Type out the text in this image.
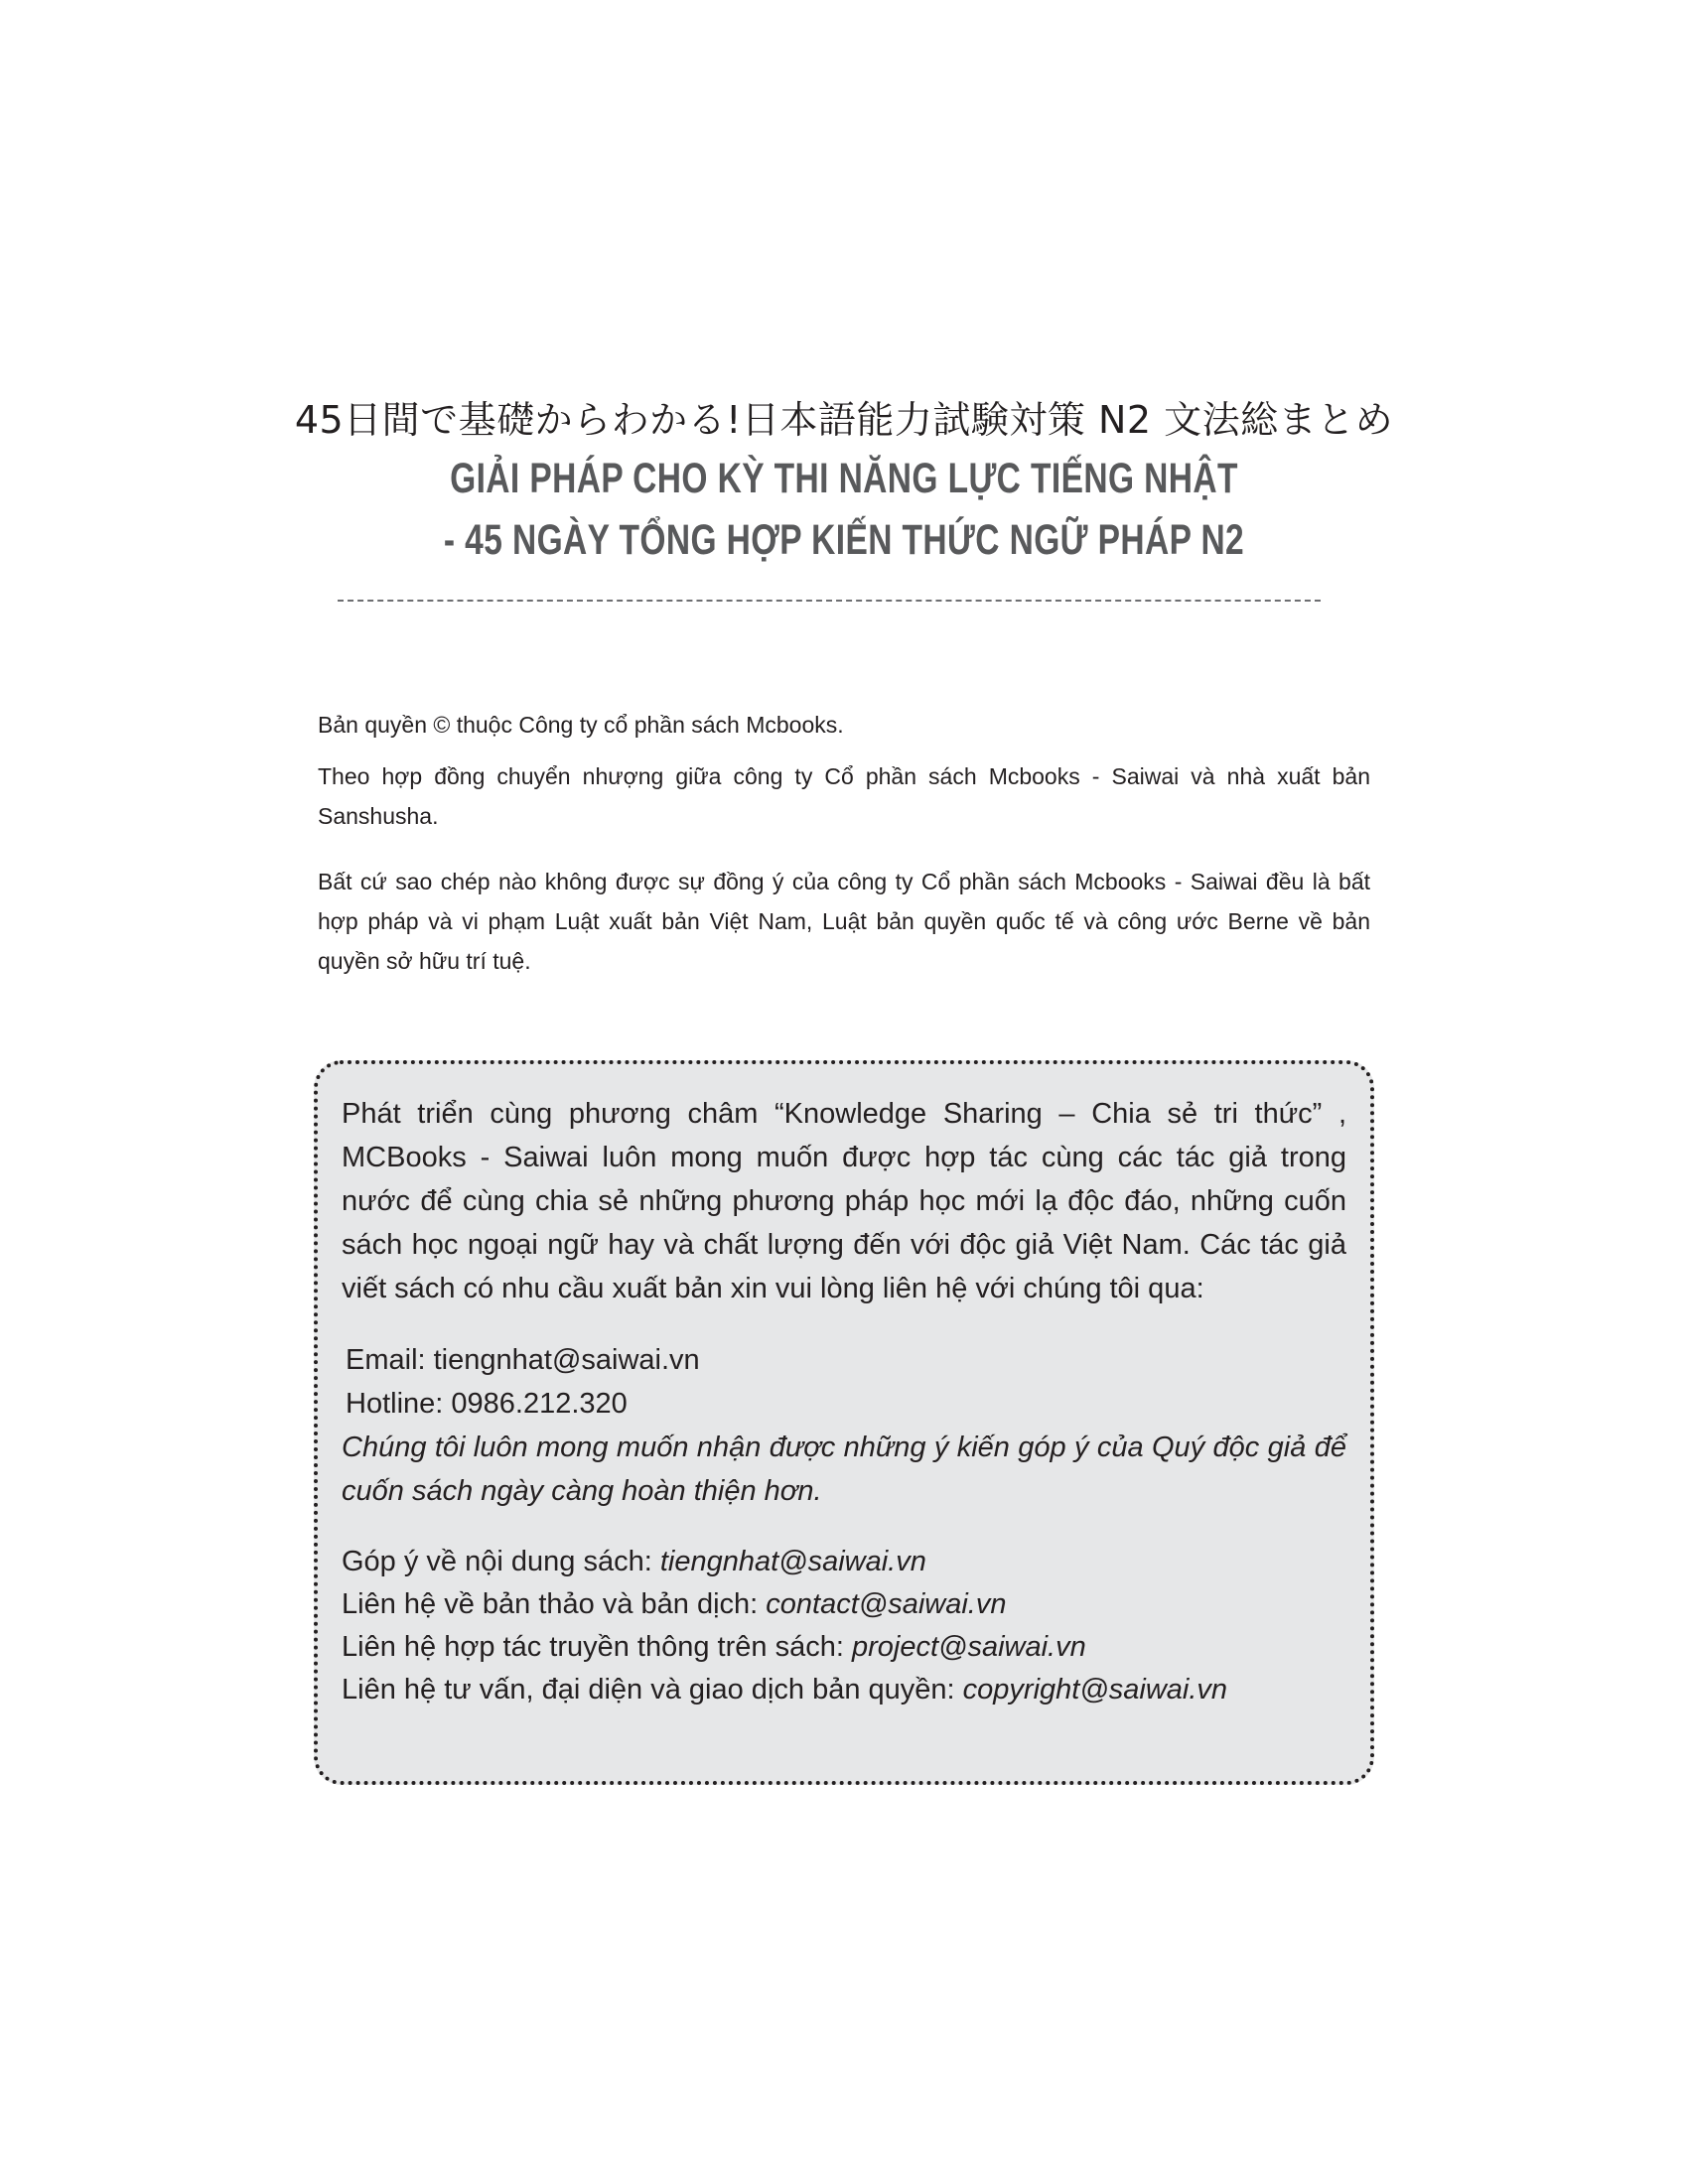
45日間で基礎からわかる!日本語能力試験対策 N2 文法総まとめ
GIẢI PHÁP CHO KỲ THI NĂNG LỰC TIẾNG NHẬT
- 45 NGÀY TỔNG HỢP KIẾN THỨC NGỮ PHÁP N2

Bản quyền © thuộc Công ty cổ phần sách Mcbooks.

Theo hợp đồng chuyển nhượng giữa công ty Cổ phần sách Mcbooks - Saiwai và nhà xuất bản Sanshusha.

Bất cứ sao chép nào không được sự đồng ý của công ty Cổ phần sách Mcbooks - Saiwai đều là bất hợp pháp và vi phạm Luật xuất bản Việt Nam, Luật bản quyền quốc tế và công ước Berne về bản quyền sở hữu trí tuệ.

Phát triển cùng phương châm “Knowledge Sharing – Chia sẻ tri thức” , MCBooks - Saiwai luôn mong muốn được hợp tác cùng các tác giả trong nước để cùng chia sẻ những phương pháp học mới lạ độc đáo, những cuốn sách học ngoại ngữ hay và chất lượng đến với độc giả Việt Nam. Các tác giả viết sách có nhu cầu xuất bản xin vui lòng liên hệ với chúng tôi qua:

Email: tiengnhat@saiwai.vn

Hotline: 0986.212.320

Chúng tôi luôn mong muốn nhận được những ý kiến góp ý của Quý độc giả để cuốn sách ngày càng hoàn thiện hơn.

Góp ý về nội dung sách: tiengnhat@saiwai.vn

Liên hệ về bản thảo và bản dịch: contact@saiwai.vn

Liên hệ hợp tác truyền thông trên sách: project@saiwai.vn

Liên hệ tư vấn, đại diện và giao dịch bản quyền: copyright@saiwai.vn
